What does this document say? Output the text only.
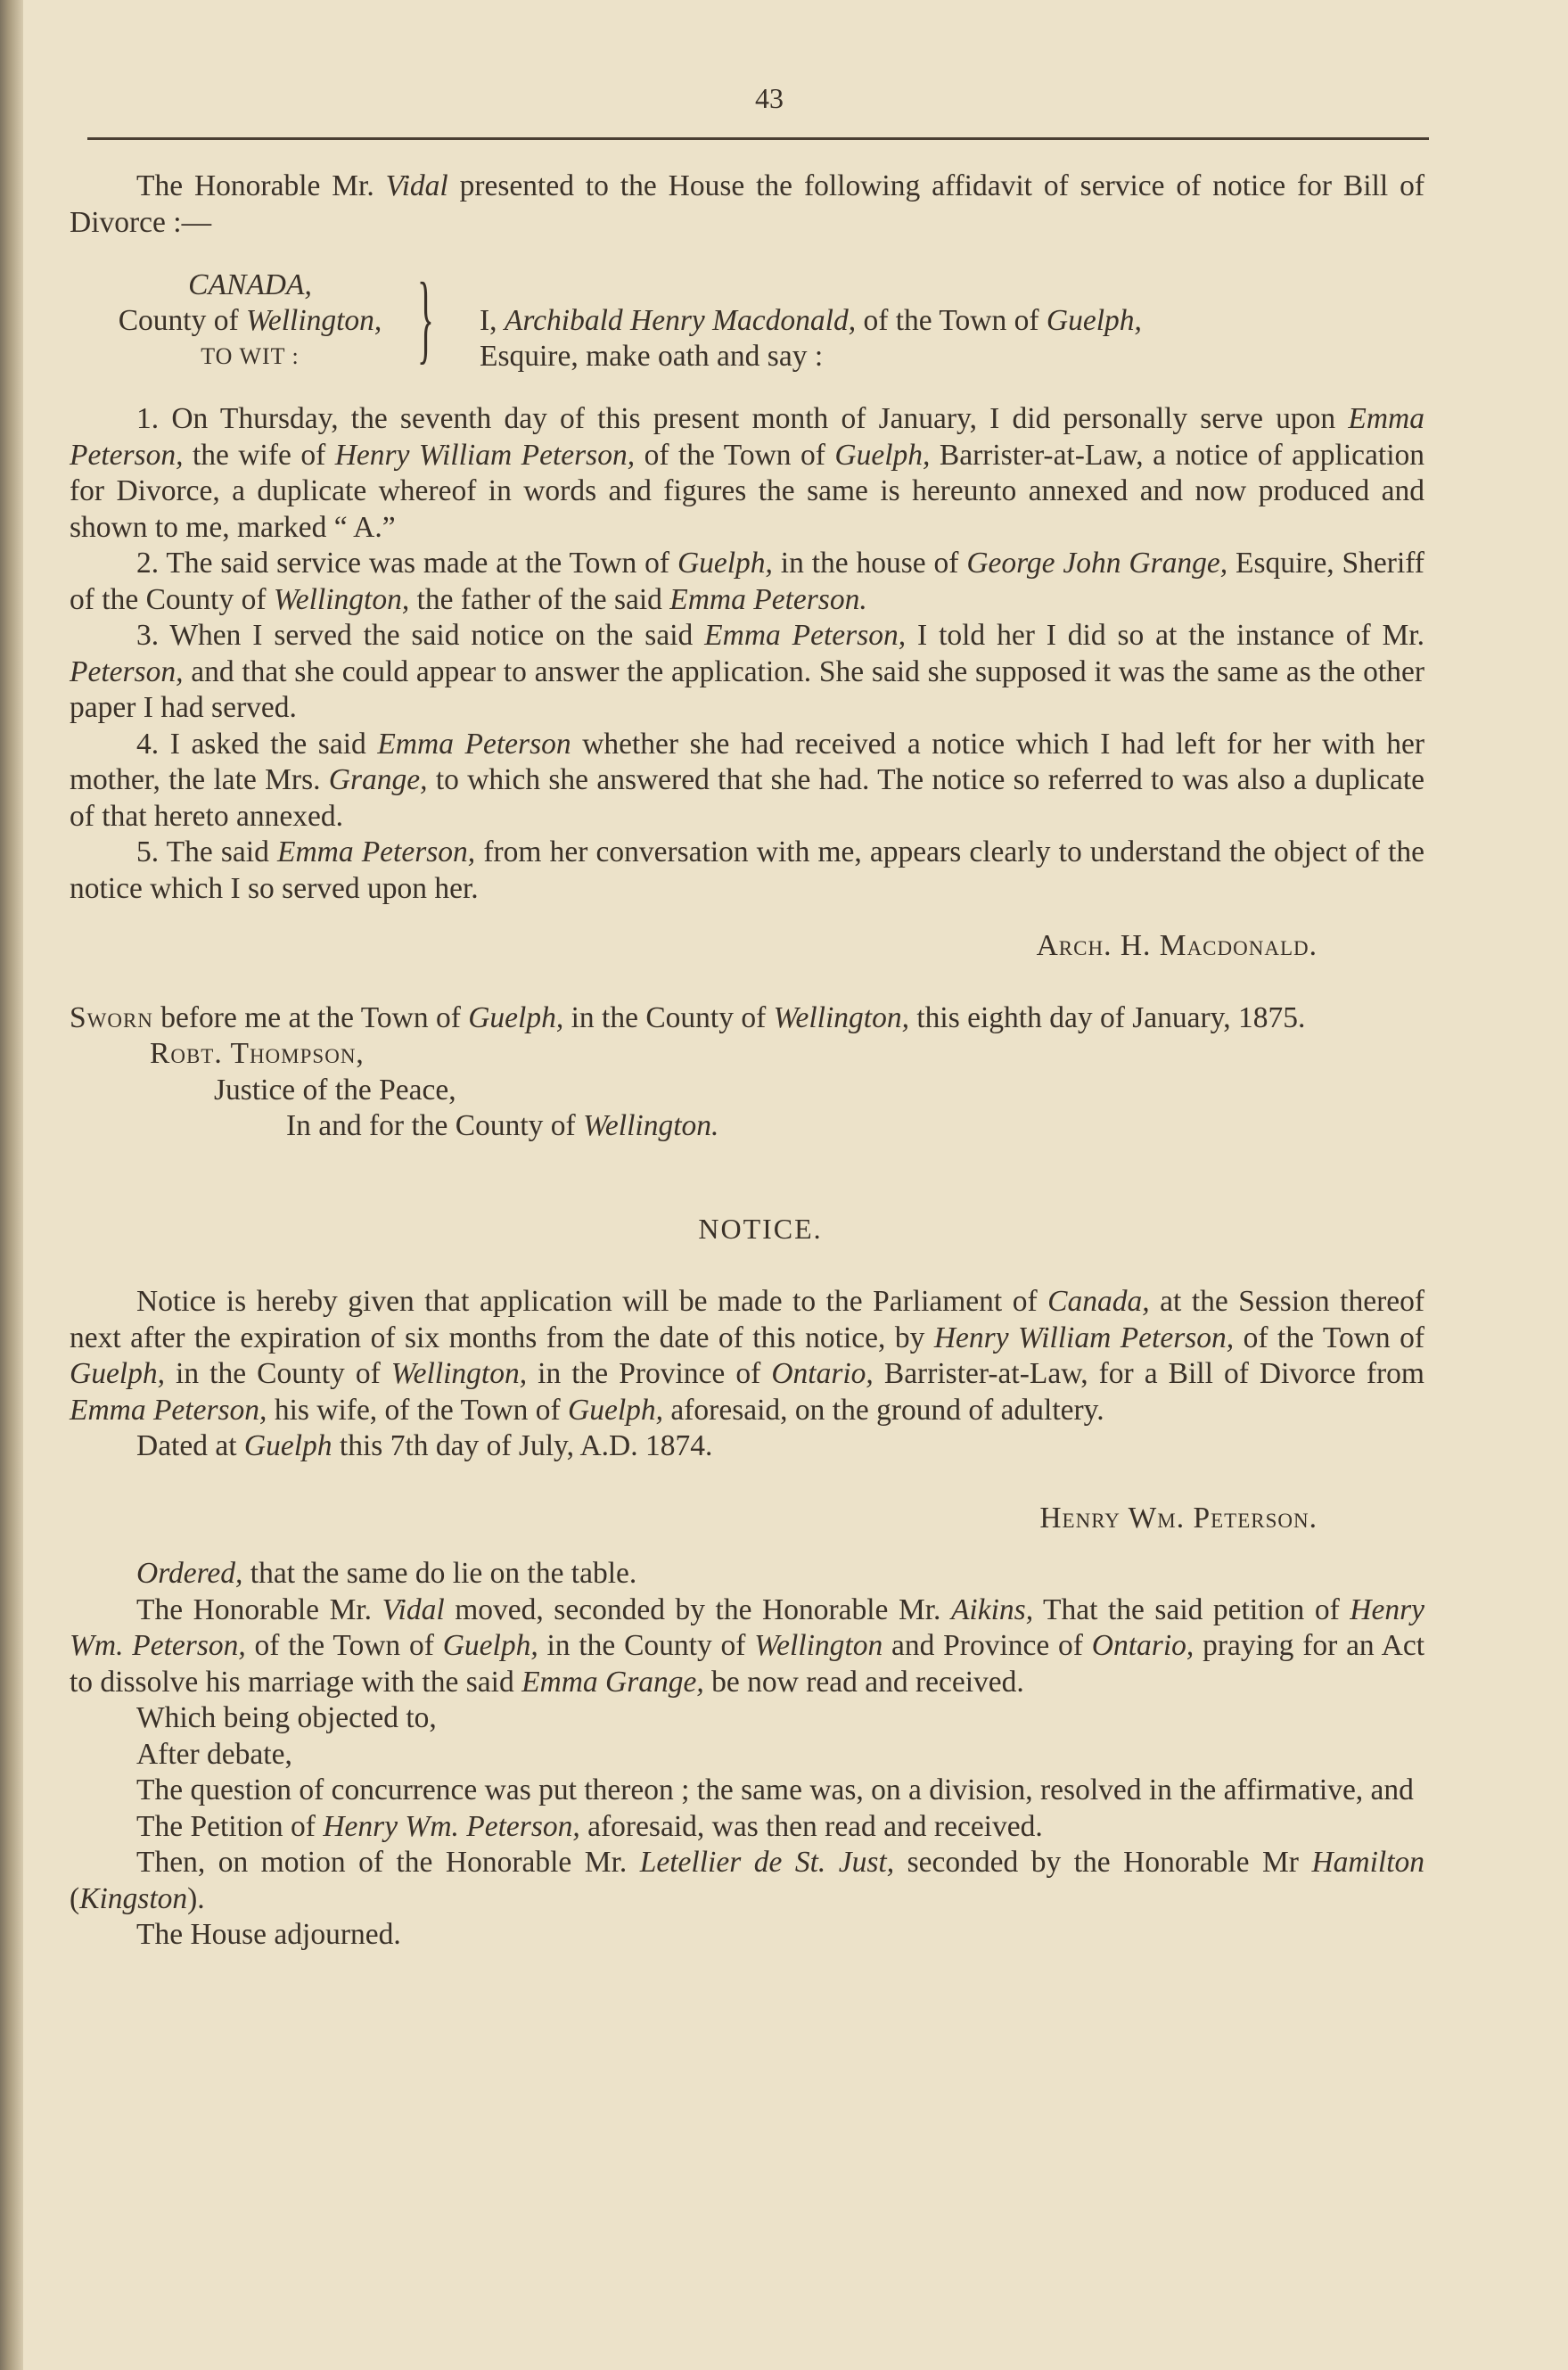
43

The Honorable Mr. Vidal presented to the House the following affidavit of service of notice for Bill of Divorce :—

CANADA,
County of Wellington,
TO WIT :	} I, Archibald Henry Macdonald, of the Town of Guelph,
Esquire, make oath and say :

1. On Thursday, the seventh day of this present month of January, I did personally serve upon Emma Peterson, the wife of Henry William Peterson, of the Town of Guelph, Barrister-at-Law, a notice of application for Divorce, a duplicate whereof in words and figures the same is hereunto annexed and now produced and shown to me, marked “ A.”

2. The said service was made at the Town of Guelph, in the house of George John Grange, Esquire, Sheriff of the County of Wellington, the father of the said Emma Peterson.

3. When I served the said notice on the said Emma Peterson, I told her I did so at the instance of Mr. Peterson, and that she could appear to answer the application. She said she supposed it was the same as the other paper I had served.

4. I asked the said Emma Peterson whether she had received a notice which I had left for her with her mother, the late Mrs. Grange, to which she answered that she had. The notice so referred to was also a duplicate of that hereto annexed.

5. The said Emma Peterson, from her conversation with me, appears clearly to understand the object of the notice which I so served upon her.

Arch. H. Macdonald.

Sworn before me at the Town of Guelph, in the County of Wellington, this eighth day of January, 1875.

Robt. Thompson,

Justice of the Peace,

In and for the County of Wellington.

NOTICE.

Notice is hereby given that application will be made to the Parliament of Canada, at the Session thereof next after the expiration of six months from the date of this notice, by Henry William Peterson, of the Town of Guelph, in the County of Wellington, in the Province of Ontario, Barrister-at-Law, for a Bill of Divorce from Emma Peterson, his wife, of the Town of Guelph, aforesaid, on the ground of adultery.

Dated at Guelph this 7th day of July, A.D. 1874.

Henry Wm. Peterson.

Ordered, that the same do lie on the table.

The Honorable Mr. Vidal moved, seconded by the Honorable Mr. Aikins, That the said petition of Henry Wm. Peterson, of the Town of Guelph, in the County of Wellington and Province of Ontario, praying for an Act to dissolve his marriage with the said Emma Grange, be now read and received.

Which being objected to,

After debate,

The question of concurrence was put thereon ; the same was, on a division, resolved in the affirmative, and

The Petition of Henry Wm. Peterson, aforesaid, was then read and received.

Then, on motion of the Honorable Mr. Letellier de St. Just, seconded by the Honorable Mr Hamilton (Kingston).

The House adjourned.
